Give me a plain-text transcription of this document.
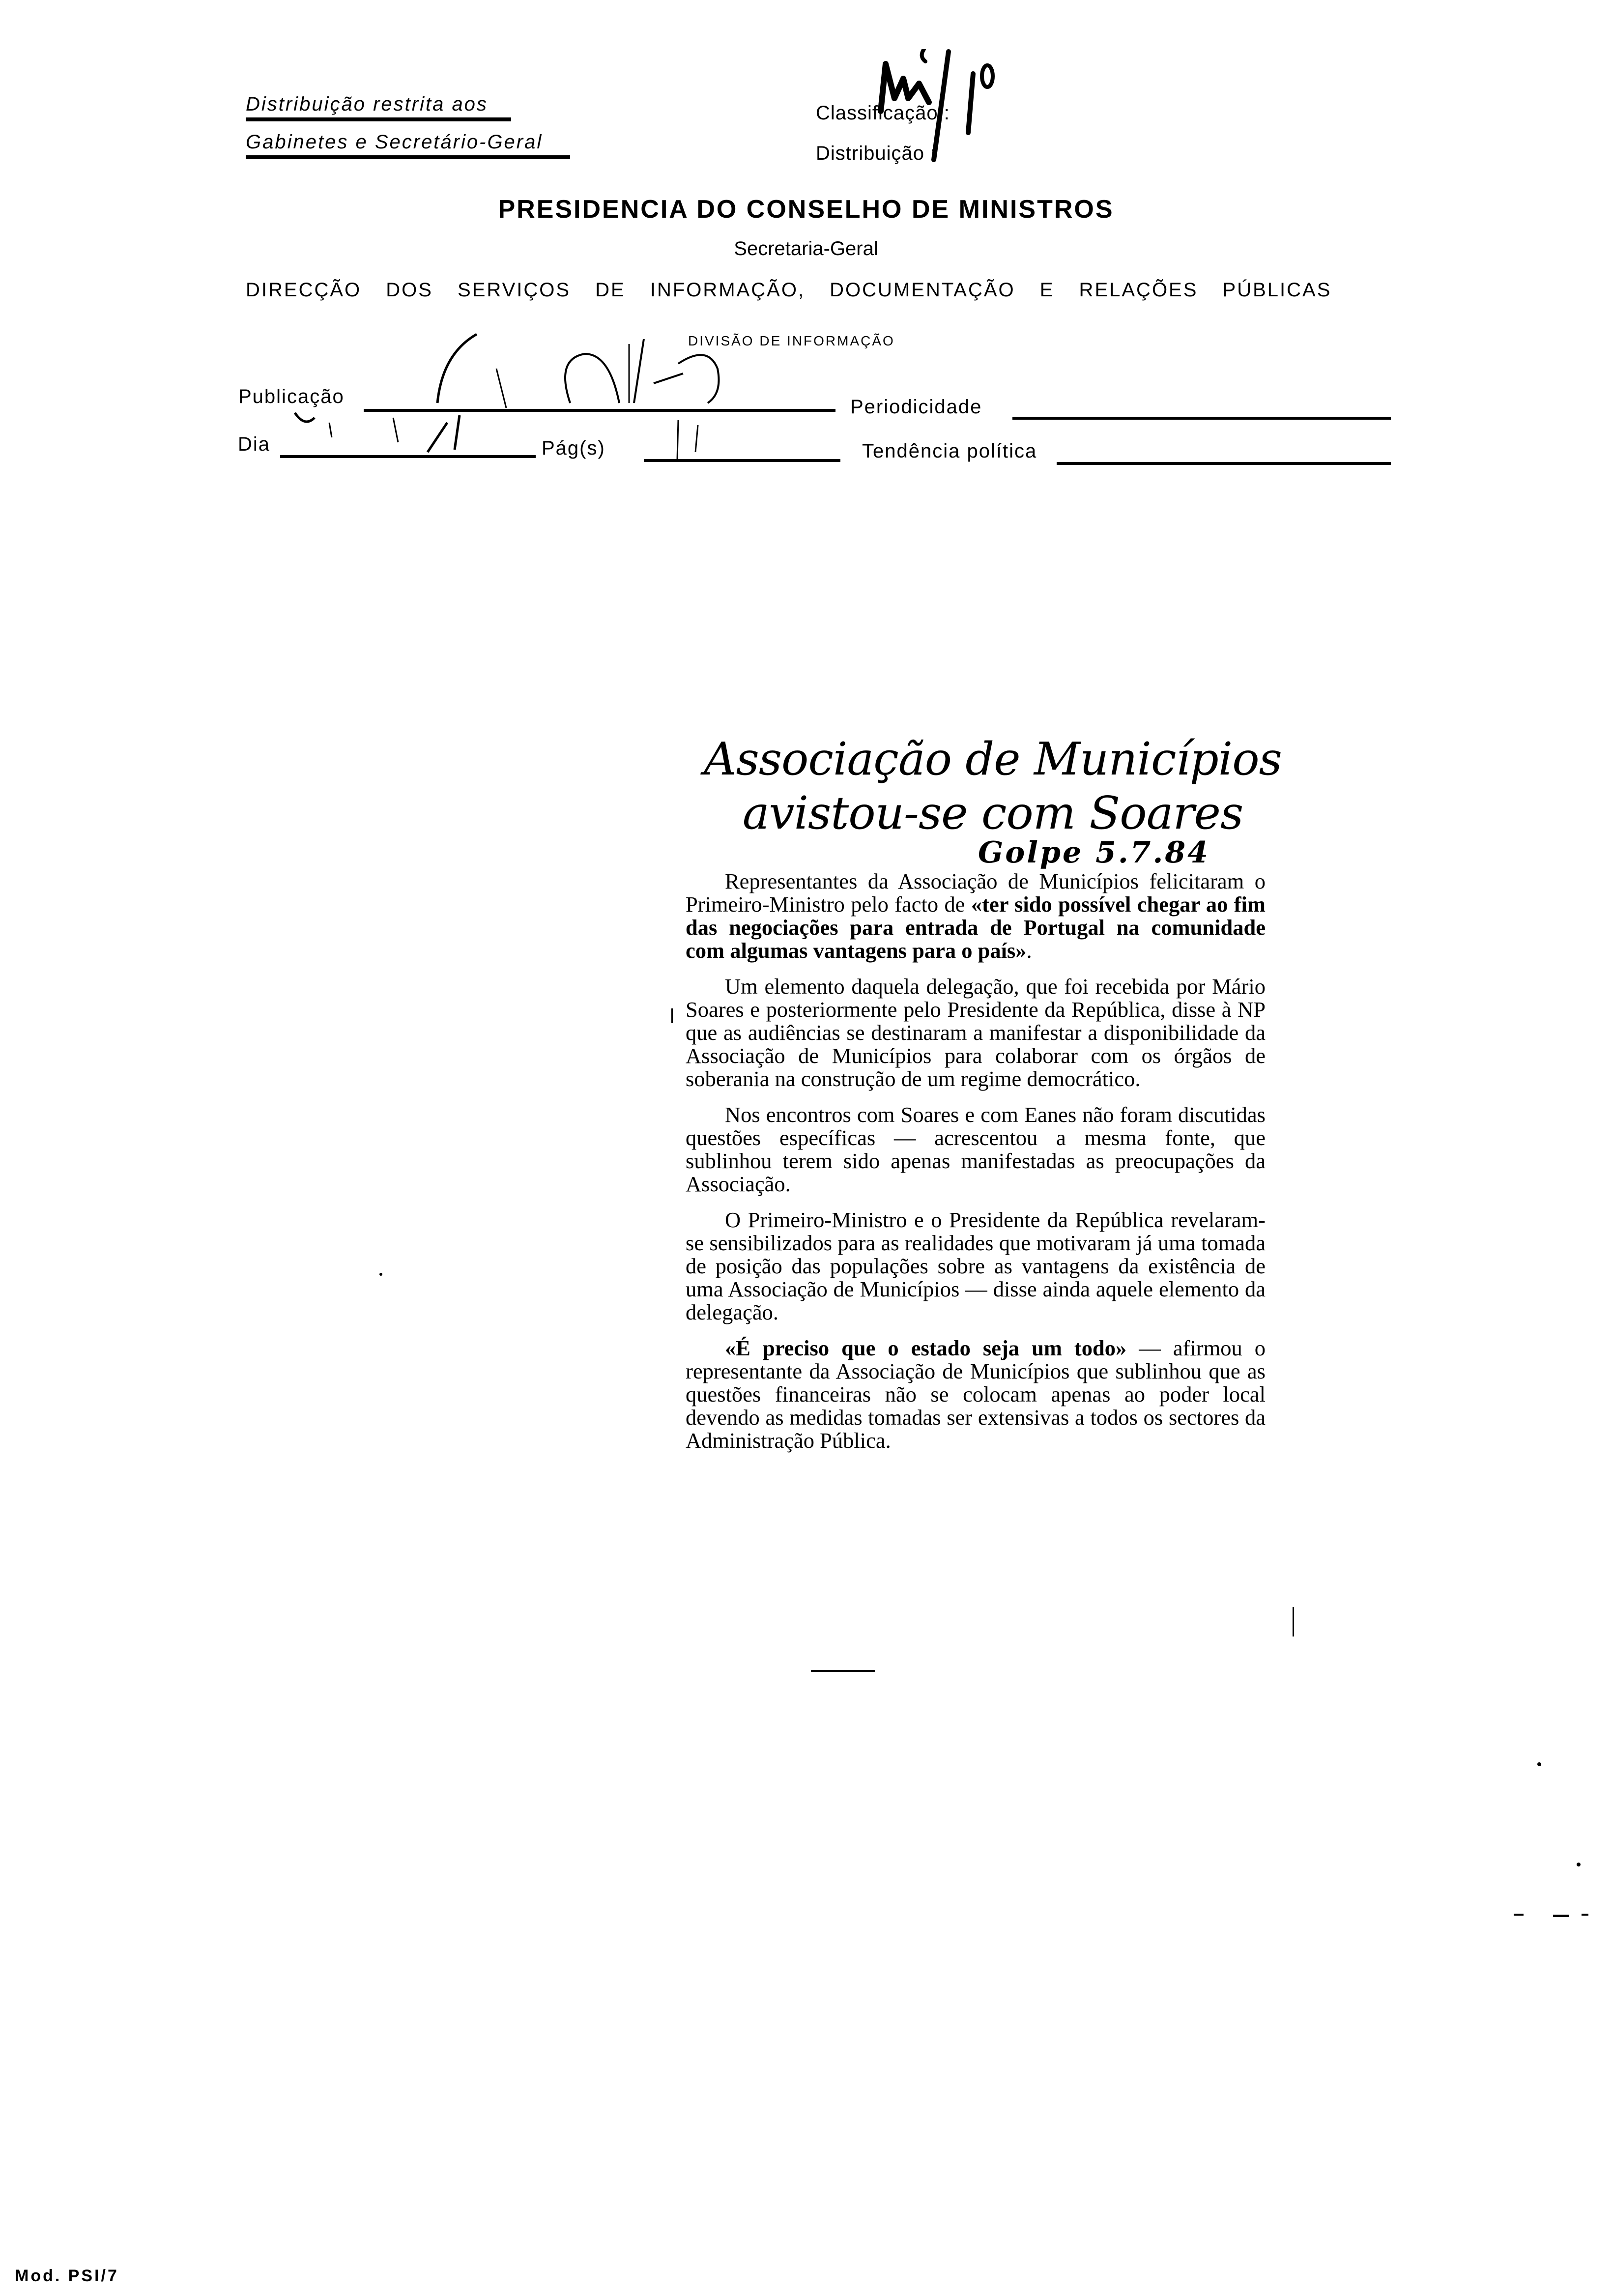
Distribuição restrita aos
Gabinetes e Secretário-Geral
Classificação :
Distribuição :
PRESIDENCIA DO CONSELHO DE MINISTROS
Secretaria-Geral
DIRECÇÃO DOS SERVIÇOS DE INFORMAÇÃO, DOCUMENTAÇÃO E RELAÇÕES PÚBLICAS
DIVISÃO DE INFORMAÇÃO
Publicação	Periodicidade
Dia	Pág(s)	Tendência política
Associação de Municípios
avistou-se com Soares
Golpe 5.7.84

Representantes da Associação de Municípios felicitaram o Primeiro-Ministro pelo facto de «ter sido possível chegar ao fim das negociações para entrada de Portugal na comunidade com algumas vantagens para o país».

Um elemento daquela delegação, que foi recebida por Mário Soares e posteriormente pelo Presidente da República, disse à NP que as audiências se destinaram a manifestar a disponibilidade da Associação de Municípios para colaborar com os órgãos de soberania na construção de um regime democrático.

Nos encontros com Soares e com Eanes não foram discutidas questões específicas — acrescentou a mesma fonte, que sublinhou terem sido apenas manifestadas as preocupações da Associação.

O Primeiro-Ministro e o Presidente da República revelaram-se sensibilizados para as realidades que motivaram já uma tomada de posição das populações sobre as vantagens da existência de uma Associação de Municípios — disse ainda aquele elemento da delegação.

«É preciso que o estado seja um todo» — afirmou o representante da Associação de Municípios que sublinhou que as questões financeiras não se colocam apenas ao poder local devendo as medidas tomadas ser extensivas a todos os sectores da Administração Pública.

Mod. PSI/7
